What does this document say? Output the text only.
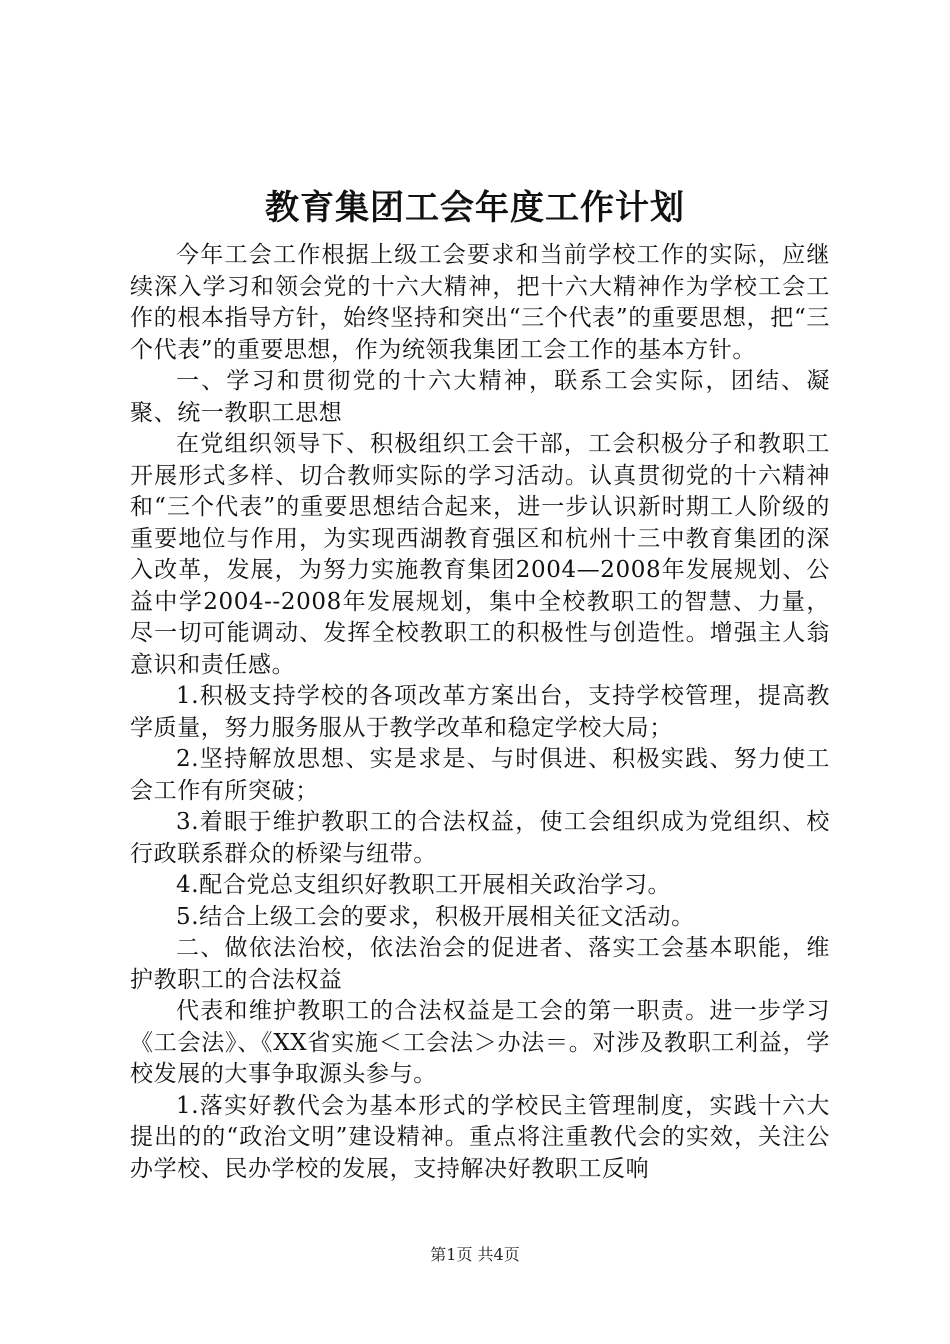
教育集团工会年度工作计划

今年工会工作根据上级工会要求和当前学校工作的实际，应继续深入学习和领会党的十六大精神，把十六大精神作为学校工会工作的根本指导方针，始终坚持和突出“三个代表”的重要思想，把“三个代表”的重要思想，作为统领我集团工会工作的基本方针。

一、学习和贯彻党的十六大精神，联系工会实际，团结、凝聚、统一教职工思想

在党组织领导下、积极组织工会干部，工会积极分子和教职工开展形式多样、切合教师实际的学习活动。认真贯彻党的十六精神和“三个代表”的重要思想结合起来，进一步认识新时期工人阶级的重要地位与作用，为实现西湖教育强区和杭州十三中教育集团的深入改革，发展，为努力实施教育集团2004—2008年发展规划、公益中学2004--2008年发展规划，集中全校教职工的智慧、力量，尽一切可能调动、发挥全校教职工的积极性与创造性。增强主人翁意识和责任感。

1.积极支持学校的各项改革方案出台，支持学校管理，提高教学质量，努力服务服从于教学改革和稳定学校大局；

2.坚持解放思想、实是求是、与时俱进、积极实践、努力使工会工作有所突破；

3.着眼于维护教职工的合法权益，使工会组织成为党组织、校行政联系群众的桥梁与纽带。

4.配合党总支组织好教职工开展相关政治学习。

5.结合上级工会的要求，积极开展相关征文活动。

二、做依法治校，依法治会的促进者、落实工会基本职能，维护教职工的合法权益

代表和维护教职工的合法权益是工会的第一职责。进一步学习《工会法》、《XX省实施＜工会法＞办法＝。对涉及教职工利益，学校发展的大事争取源头参与。

1.落实好教代会为基本形式的学校民主管理制度，实践十六大提出的的“政治文明”建设精神。重点将注重教代会的实效，关注公办学校、民办学校的发展，支持解决好教职工反响

第1页 共4页
